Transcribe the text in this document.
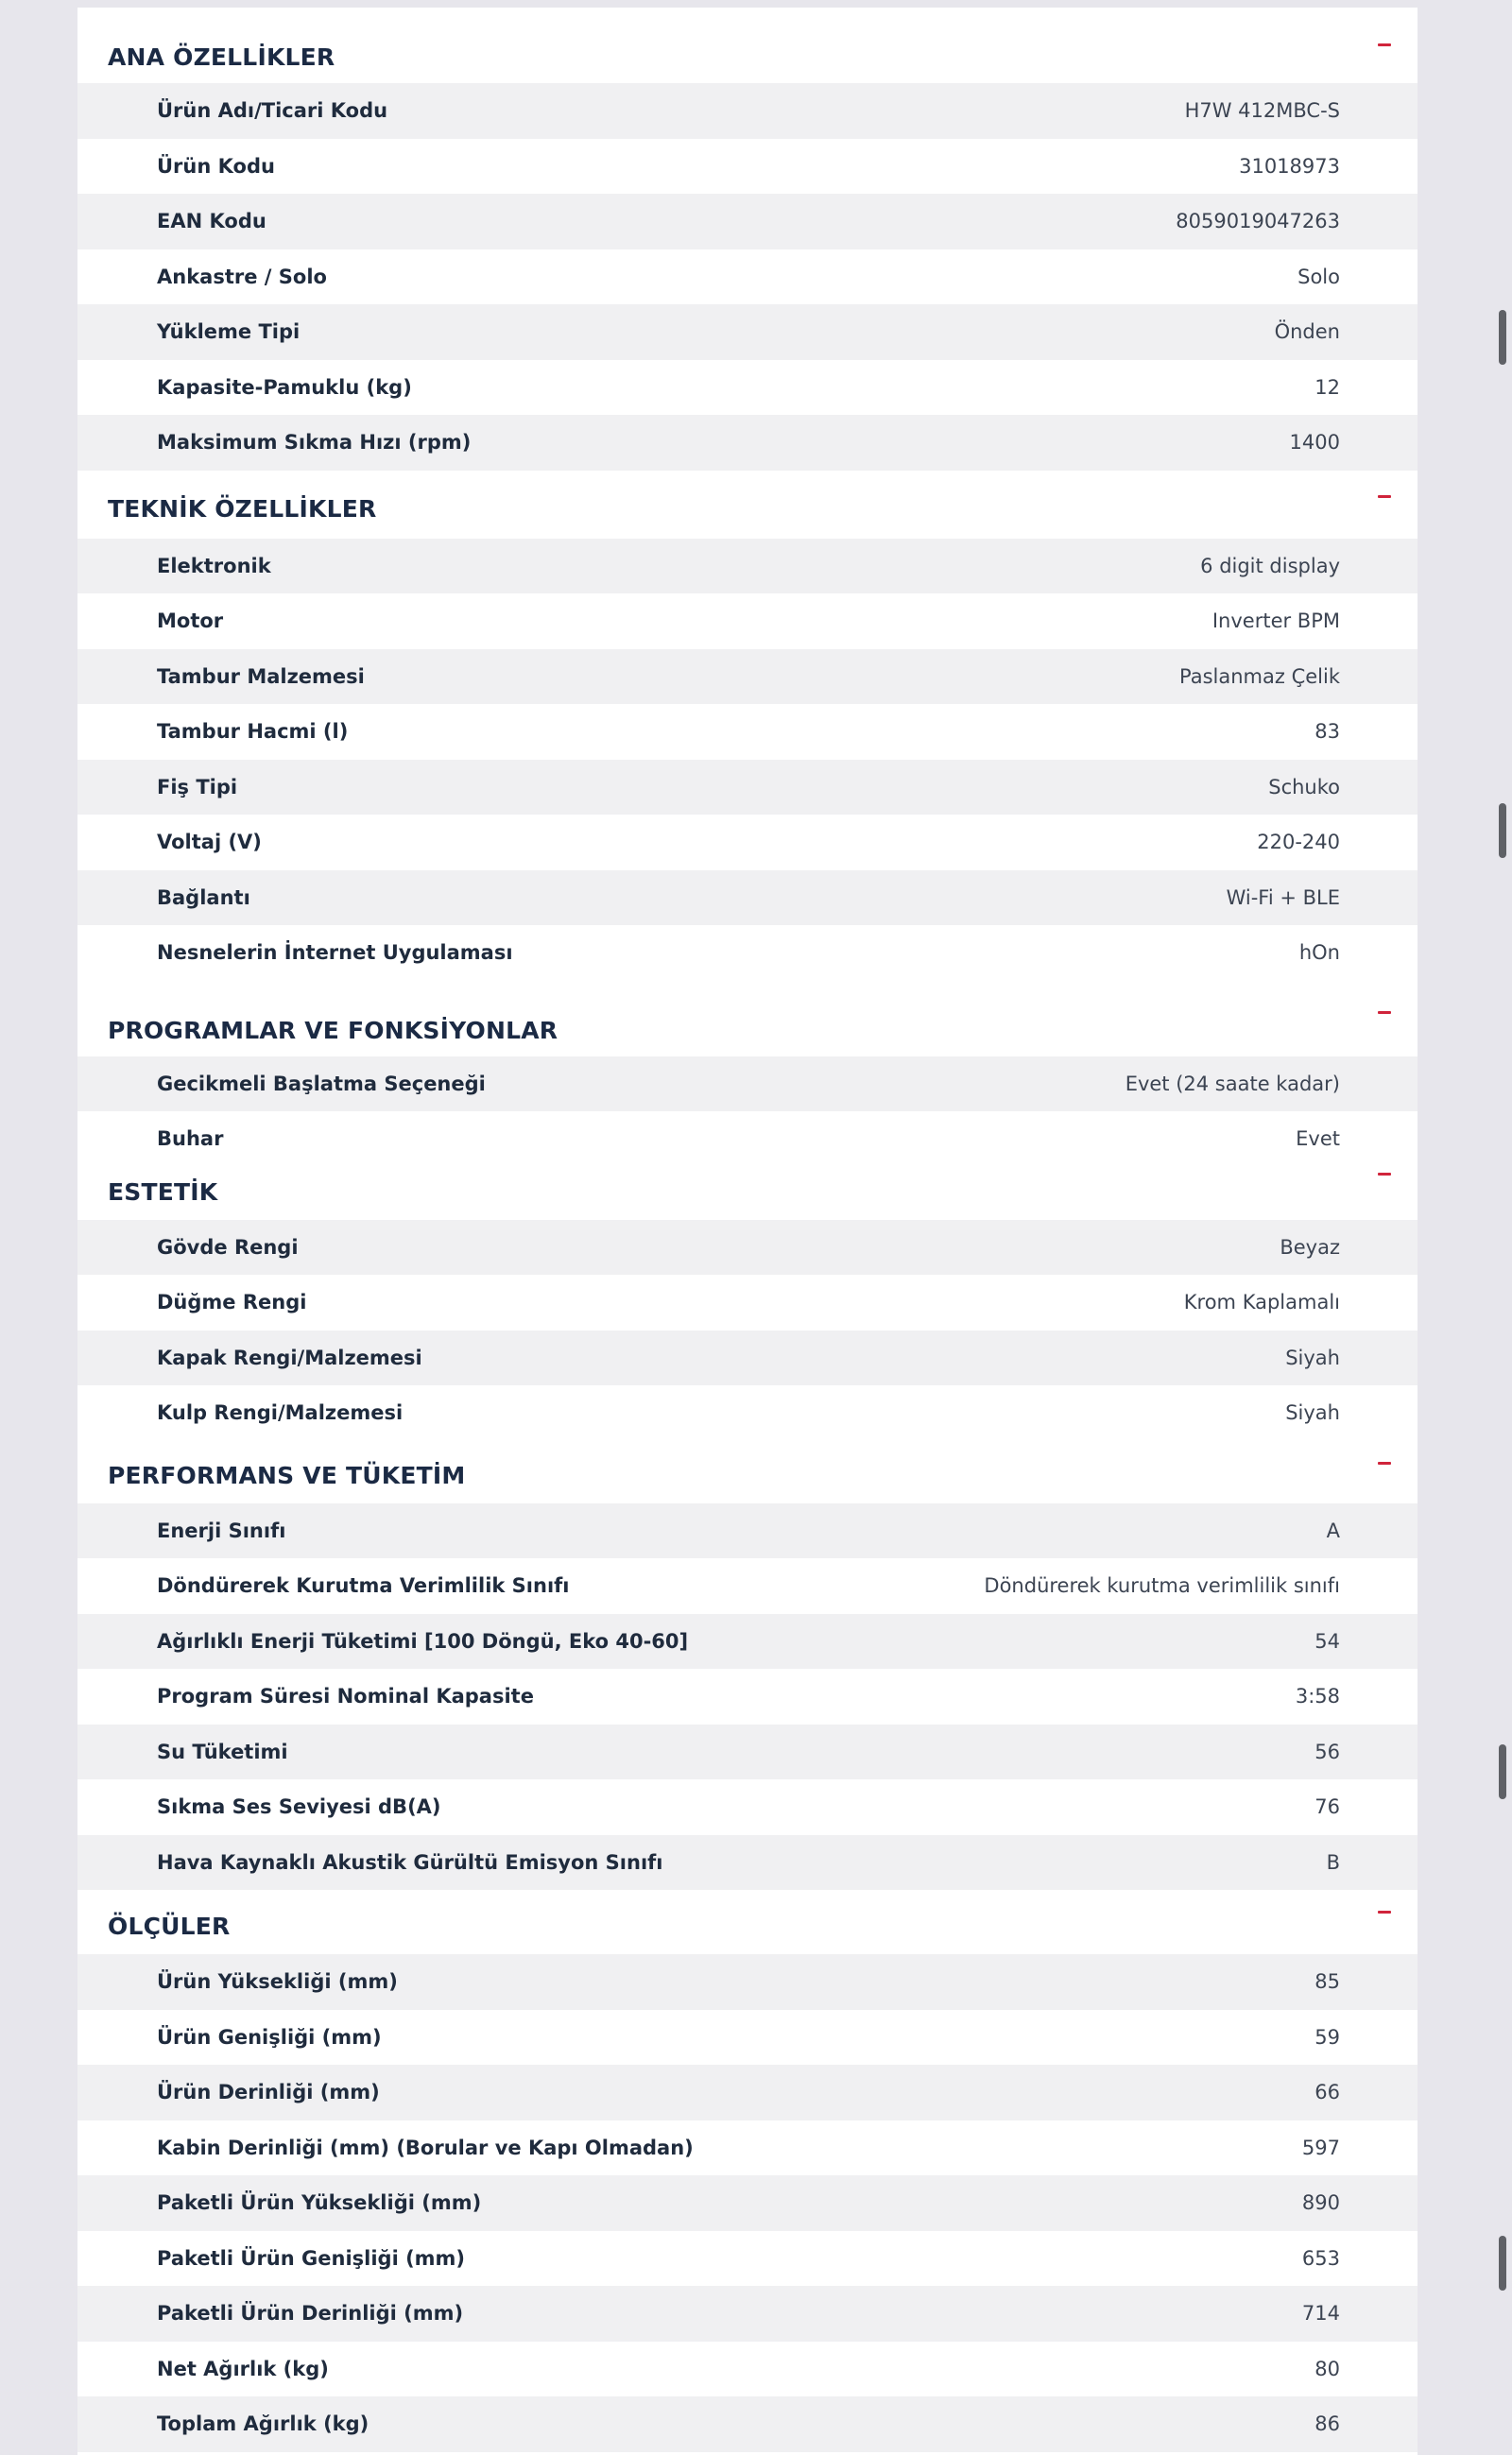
ANA ÖZELLİKLER
Ürün Adı/Ticari Kodu	H7W 412MBC-S
Ürün Kodu	31018973
EAN Kodu	8059019047263
Ankastre / Solo	Solo
Yükleme Tipi	Önden
Kapasite-Pamuklu (kg)	12
Maksimum Sıkma Hızı (rpm)	1400
TEKNİK ÖZELLİKLER
Elektronik	6 digit display
Motor	Inverter BPM
Tambur Malzemesi	Paslanmaz Çelik
Tambur Hacmi (l)	83
Fiş Tipi	Schuko
Voltaj (V)	220-240
Bağlantı	Wi-Fi + BLE
Nesnelerin İnternet Uygulaması	hOn
PROGRAMLAR VE FONKSİYONLAR
Gecikmeli Başlatma Seçeneği	Evet (24 saate kadar)
Buhar	Evet
ESTETİK
Gövde Rengi	Beyaz
Düğme Rengi	Krom Kaplamalı
Kapak Rengi/Malzemesi	Siyah
Kulp Rengi/Malzemesi	Siyah
PERFORMANS VE TÜKETİM
Enerji Sınıfı	A
Döndürerek Kurutma Verimlilik Sınıfı	Döndürerek kurutma verimlilik sınıfı
Ağırlıklı Enerji Tüketimi [100 Döngü, Eko 40-60]	54
Program Süresi Nominal Kapasite	3:58
Su Tüketimi	56
Sıkma Ses Seviyesi dB(A)	76
Hava Kaynaklı Akustik Gürültü Emisyon Sınıfı	B
ÖLÇÜLER
Ürün Yüksekliği (mm)	85
Ürün Genişliği (mm)	59
Ürün Derinliği (mm)	66
Kabin Derinliği (mm) (Borular ve Kapı Olmadan)	597
Paketli Ürün Yüksekliği (mm)	890
Paketli Ürün Genişliği (mm)	653
Paketli Ürün Derinliği (mm)	714
Net Ağırlık (kg)	80
Toplam Ağırlık (kg)	86
